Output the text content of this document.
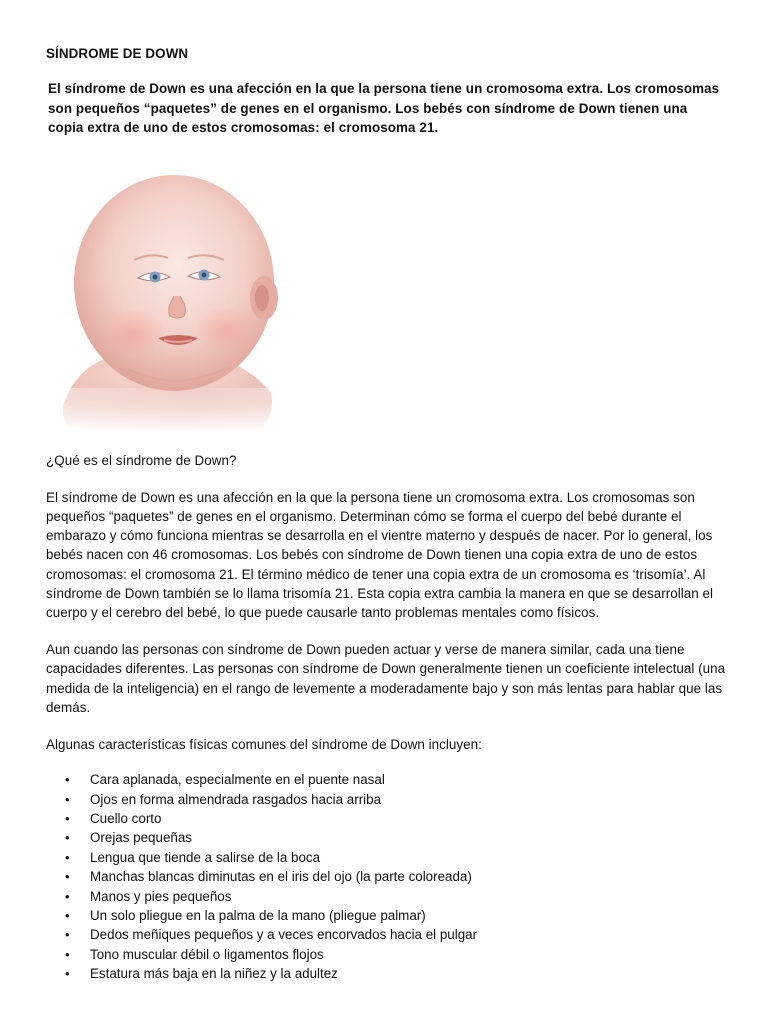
SÍNDROME DE DOWN

El síndrome de Down es una afección en la que la persona tiene un cromosoma extra. Los cromosomas son pequeños “paquetes” de genes en el organismo. Los bebés con síndrome de Down tienen una copia extra de uno de estos cromosomas: el cromosoma 21.

¿Qué es el síndrome de Down?

El síndrome de Down es una afección en la que la persona tiene un cromosoma extra. Los cromosomas son pequeños “paquetes” de genes en el organismo. Determinan cómo se forma el cuerpo del bebé durante el embarazo y cómo funciona mientras se desarrolla en el vientre materno y después de nacer. Por lo general, los bebés nacen con 46 cromosomas. Los bebés con síndrome de Down tienen una copia extra de uno de estos cromosomas: el cromosoma 21. El término médico de tener una copia extra de un cromosoma es ‘trisomía’. Al síndrome de Down también se lo llama trisomía 21. Esta copia extra cambia la manera en que se desarrollan el cuerpo y el cerebro del bebé, lo que puede causarle tanto problemas mentales como físicos.

Aun cuando las personas con síndrome de Down pueden actuar y verse de manera similar, cada una tiene capacidades diferentes. Las personas con síndrome de Down generalmente tienen un coeficiente intelectual (una medida de la inteligencia) en el rango de levemente a moderadamente bajo y son más lentas para hablar que las demás.

Algunas características físicas comunes del síndrome de Down incluyen:

• Cara aplanada, especialmente en el puente nasal
• Ojos en forma almendrada rasgados hacia arriba
• Cuello corto
• Orejas pequeñas
• Lengua que tiende a salirse de la boca
• Manchas blancas diminutas en el iris del ojo (la parte coloreada)
• Manos y pies pequeños
• Un solo pliegue en la palma de la mano (pliegue palmar)
• Dedos meñiques pequeños y a veces encorvados hacia el pulgar
• Tono muscular débil o ligamentos flojos
• Estatura más baja en la niñez y la adultez
